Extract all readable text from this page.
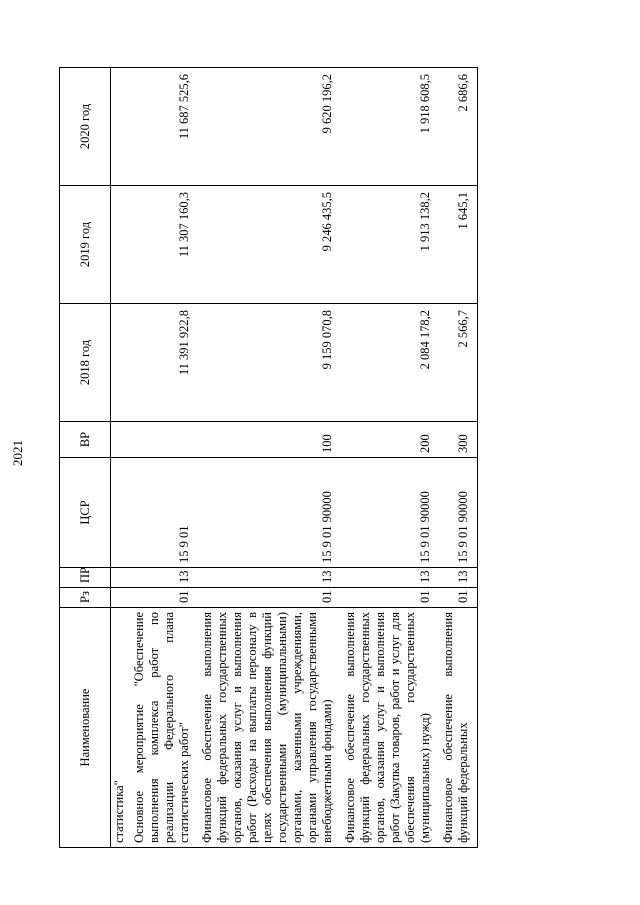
2021
Наименование	Рз	ПР	ЦСР	ВР	2018 год	2019 год	2020 год
статистика"							
Основное мероприятие "Обеспечение выполнения комплекса работ по реализации Федерального плана статистических работ"	01	13	15 9 01		11 391 922,8	11 307 160,3	11 687 525,6
Финансовое обеспечение выполнения функций федеральных государственных органов, оказания услуг и выполнения работ (Расходы на выплаты персоналу в целях обеспечения выполнения функций государственными (муниципальными) органами, казенными учреждениями, органами управления государственными внебюджетными фондами)	01	13	15 9 01 90000	100	9 159 070,8	9 246 435,5	9 620 196,2
Финансовое обеспечение выполнения функций федеральных государственных органов, оказания услуг и выполнения работ (Закупка товаров, работ и услуг для обеспечения государственных (муниципальных) нужд)	01	13	15 9 01 90000	200	2 084 178,2	1 913 138,2	1 918 608,5
Финансовое обеспечение выполнения функций федеральных	01	13	15 9 01 90000	300	2 566,7	1 645,1	2 686,6
